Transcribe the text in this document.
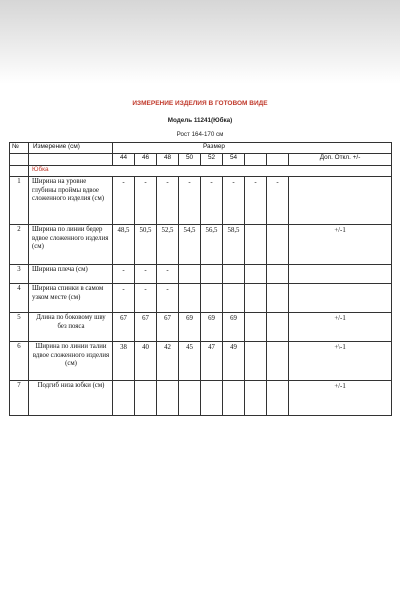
ИЗМЕРЕНИЕ ИЗДЕЛИЯ В ГОТОВОМ ВИДЕ
Модель 11241(Юбка)
Рост 164-170 см
№	Измерение (см)	Размер								
		44	46	48	50	52	54			Доп. Откл. +/-
	Юбка									
1	Ширина на уровне глубины проймы вдвое сложенного изделия (см)	-	-	-	-	-	-	-	-	
2	Ширина по линии бедер вдвое сложенного изделия (см)	48,5	50,5	52,5	54,5	56,5	58,5			+/-1
3	Ширина плеча (см)	-	-	-						
4	Ширина спинки в самом узком месте (см)	-	-	-						
5	Длина по боковому шву без пояса	67	67	67	69	69	69			+/-1
6	Ширина по линии талии вдвое сложенного изделия (см)	38	40	42	45	47	49			+\-1
7	Подгиб низа юбки (см)									+/-1
